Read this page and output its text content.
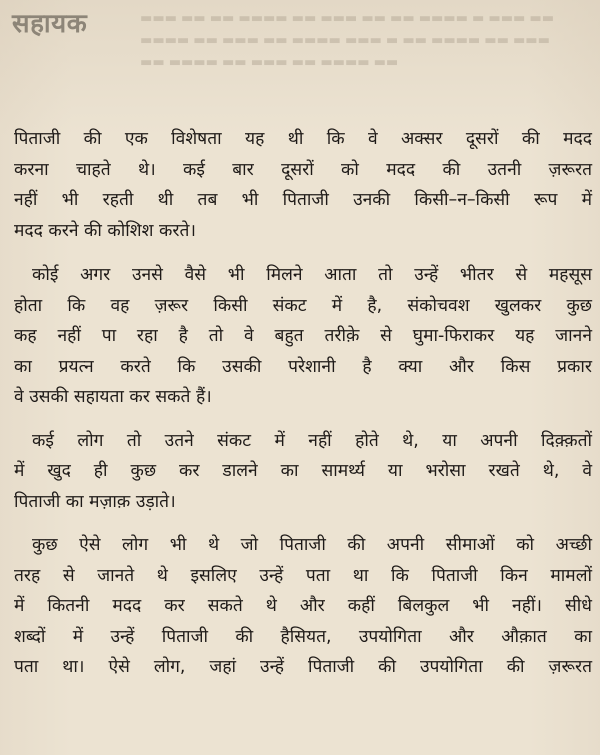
सहायक	▬▬ ▬▬▬ ▬ ▬▬▬▬ ▬▬ ▬▬ ▬▬▬ ▬▬ ▬▬▬▬ ▬▬ ▬▬ ▬▬▬
▬▬▬ ▬▬ ▬▬▬▬ ▬▬ ▬ ▬▬▬ ▬▬▬▬ ▬▬ ▬▬▬ ▬▬ ▬▬▬▬
▬▬ ▬▬▬▬ ▬▬ ▬▬▬ ▬▬ ▬▬▬▬ ▬▬
पिताजी की एक विशेषता यह थी कि वे अक्सर दूसरों की मदद
करना चाहते थे। कई बार दूसरों को मदद की उतनी ज़रूरत
नहीं भी रहती थी तब भी पिताजी उनकी किसी–न–किसी रूप में
मदद करने की कोशिश करते।
कोई अगर उनसे वैसे भी मिलने आता तो उन्हें भीतर से महसूस
होता कि वह ज़रूर किसी संकट में है, संकोचवश खुलकर कुछ
कह नहीं पा रहा है तो वे बहुत तरीक़े से घुमा-फिराकर यह जानने
का प्रयत्न करते कि उसकी परेशानी है क्या और किस प्रकार
वे उसकी सहायता कर सकते हैं।
कई लोग तो उतने संकट में नहीं होते थे, या अपनी दिक़्क़तों
में खुद ही कुछ कर डालने का सामर्थ्य या भरोसा रखते थे, वे
पिताजी का मज़ाक़ उड़ाते।
कुछ ऐसे लोग भी थे जो पिताजी की अपनी सीमाओं को अच्छी
तरह से जानते थे इसलिए उन्हें पता था कि पिताजी किन मामलों
में कितनी मदद कर सकते थे और कहीं बिलकुल भी नहीं। सीधे
शब्दों में उन्हें पिताजी की हैसियत, उपयोगिता और औक़ात का
पता था। ऐसे लोग, जहां उन्हें पिताजी की उपयोगिता की ज़रूरत
